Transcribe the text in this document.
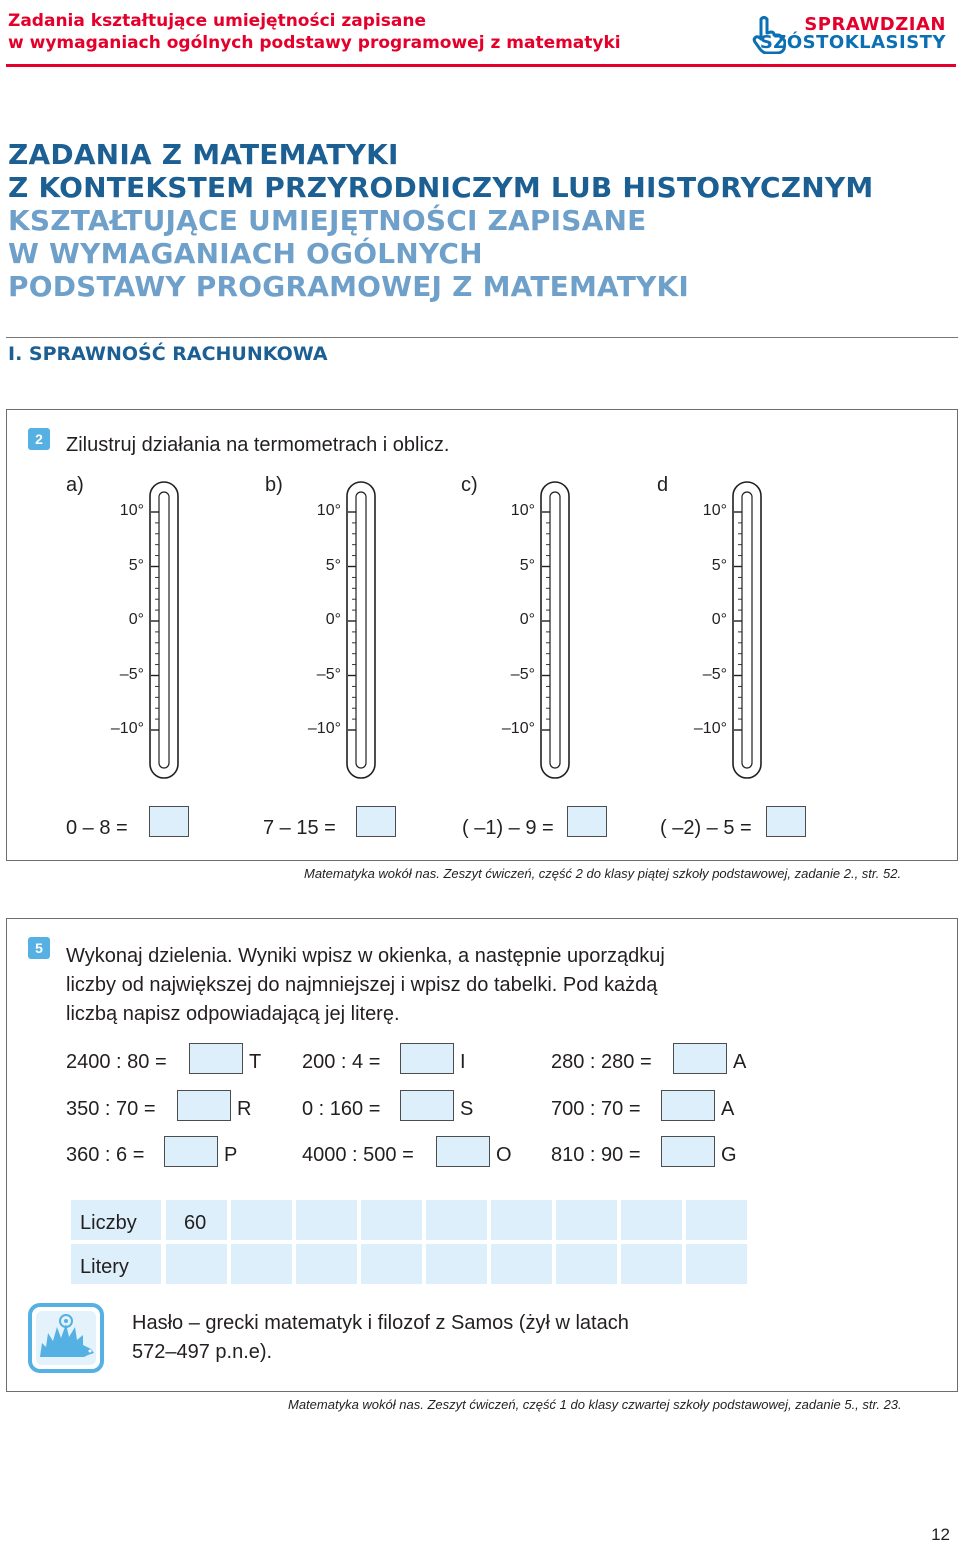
Zadania kształtujące umiejętności zapisane
w wymaganiach ogólnych podstawy programowej z matematyki
SPRAWDZIAN
SZÓSTOKLASISTY
ZADANIA Z MATEMATYKI
Z KONTEKSTEM PRZYRODNICZYM LUB HISTORYCZNYM
KSZTAŁTUJĄCE UMIEJĘTNOŚCI ZAPISANE
W WYMAGANIACH OGÓLNYCH
PODSTAWY PROGRAMOWEJ Z MATEMATYKI
I. SPRAWNOŚĆ RACHUNKOWA
2	Zilustruj działania na termometrach i oblicz.
a)
10°
5°
0°
–5°
–10°
b)
10°
5°
0°
–5°
–10°
c)
10°
5°
0°
–5°
–10°
d
10°
5°
0°
–5°
–10°
0 – 8 =	7 – 15 =	( –1) – 9 =	( –2) – 5 =
Matematyka wokół nas. Zeszyt ćwiczeń, część 2 do klasy piątej szkoły podstawowej, zadanie 2., str. 52.
5	Wykonaj dzielenia. Wyniki wpisz w okienka, a następnie uporządkuj
liczby od największej do najmniejszej i wpisz do tabelki. Pod każdą
liczbą napisz odpowiadającą jej literę.
2400 : 80 =	T 200 : 4 =	I	280 : 280 =	A
350 : 70 =	R	0 : 160 =	S	700 : 70 =	A
360 : 6 =	P	4000 : 500 =	O 810 : 90 =	G
Liczby 60
Litery
Hasło – grecki matematyk i filozof z Samos (żył w latach
572–497 p.n.e).
Matematyka wokół nas. Zeszyt ćwiczeń, część 1 do klasy czwartej szkoły podstawowej, zadanie 5., str. 23.
12
